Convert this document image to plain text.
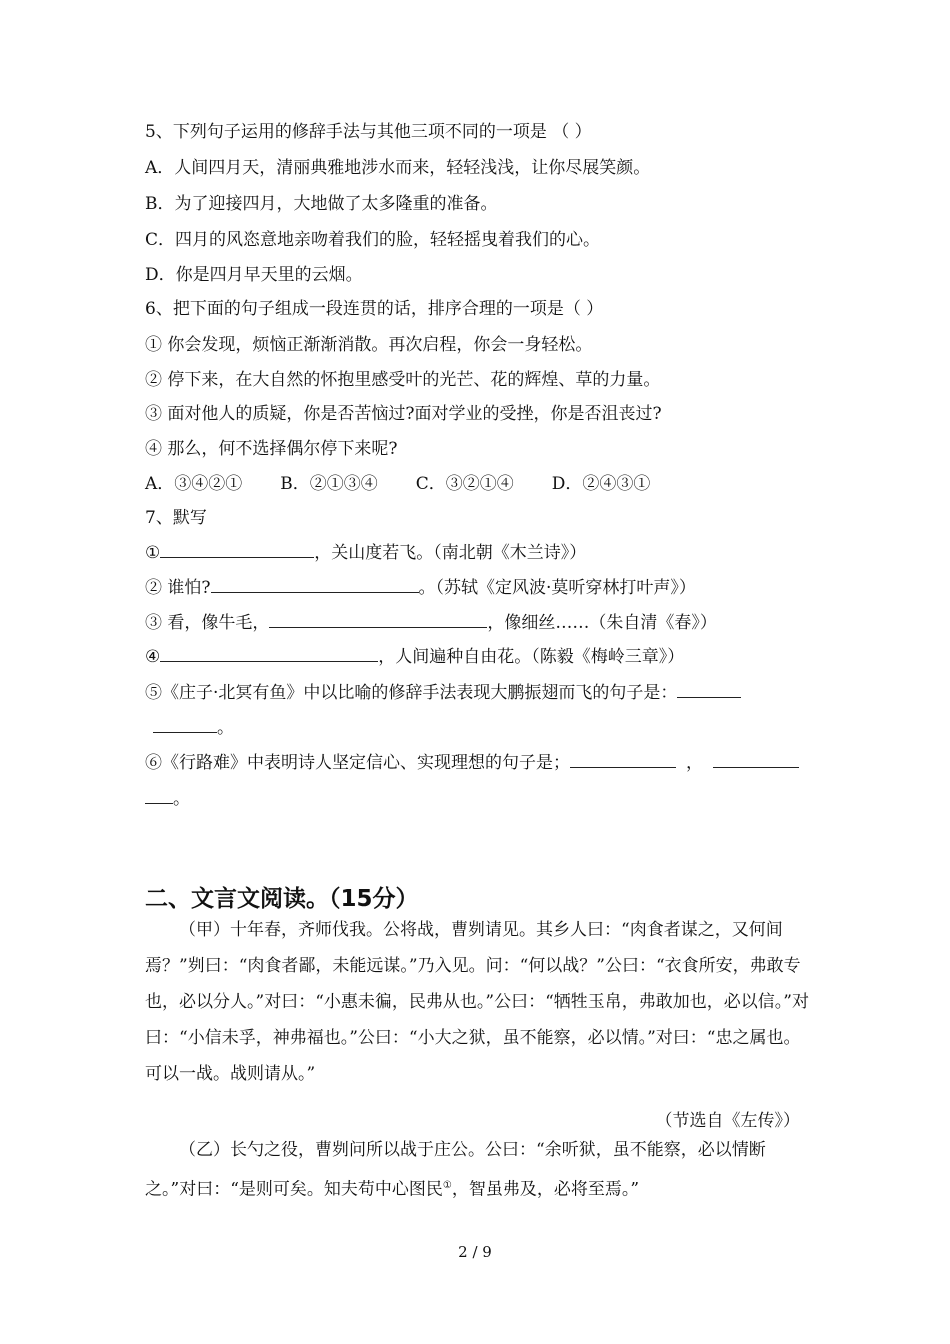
5、下列句子运用的修辞手法与其他三项不同的一项是 （ ）
A．人间四月天，清丽典雅地涉水而来，轻轻浅浅，让你尽展笑颜。
B．为了迎接四月，大地做了太多隆重的准备。
C．四月的风恣意地亲吻着我们的脸，轻轻摇曳着我们的心。
D．你是四月早天里的云烟。
6、把下面的句子组成一段连贯的话，排序合理的一项是（ ）
① 你会发现，烦恼正渐渐消散。再次启程，你会一身轻松。
② 停下来，在大自然的怀抱里感受叶的光芒、花的辉煌、草的力量。
③ 面对他人的质疑，你是否苦恼过?面对学业的受挫，你是否沮丧过?
④ 那么，何不选择偶尔停下来呢?
A．③④②① B．②①③④ C．③②①④ D．②④③①
7、默写
①	，关山度若飞。（南北朝《木兰诗》）
② 谁怕?	。（苏轼《定风波·莫听穿林打叶声》）
③ 看，像牛毛，	，像细丝……（朱自清《春》）
④	，人间遍种自由花。（陈毅《梅岭三章》）
⑤《庄子·北冥有鱼》中以比喻的修辞手法表现大鹏振翅而飞的句子是：
。
⑥《行路难》中表明诗人坚定信心、实现理想的句子是；	，
。
二、文言文阅读。（15分）
（甲）十年春，齐师伐我。公将战，曹刿请见。其乡人曰：“肉食者谋之，又何间焉？”刿曰：“肉食者鄙，未能远谋。”乃入见。问：“何以战？”公曰：“衣食所安，弗敢专也，必以分人。”对曰：“小惠未徧，民弗从也。”公曰：“牺牲玉帛，弗敢加也，必以信。”对曰：“小信未孚，神弗福也。”公曰：“小大之狱，虽不能察，必以情。”对曰：“忠之属也。可以一战。战则请从。”
（节选自《左传》）
（乙）长勺之役，曹刿问所以战于庄公。公曰：“余听狱，虽不能察，必以情断之。”对曰：“是则可矣。知夫苟中心图民①，智虽弗及，必将至焉。”
2 / 9
